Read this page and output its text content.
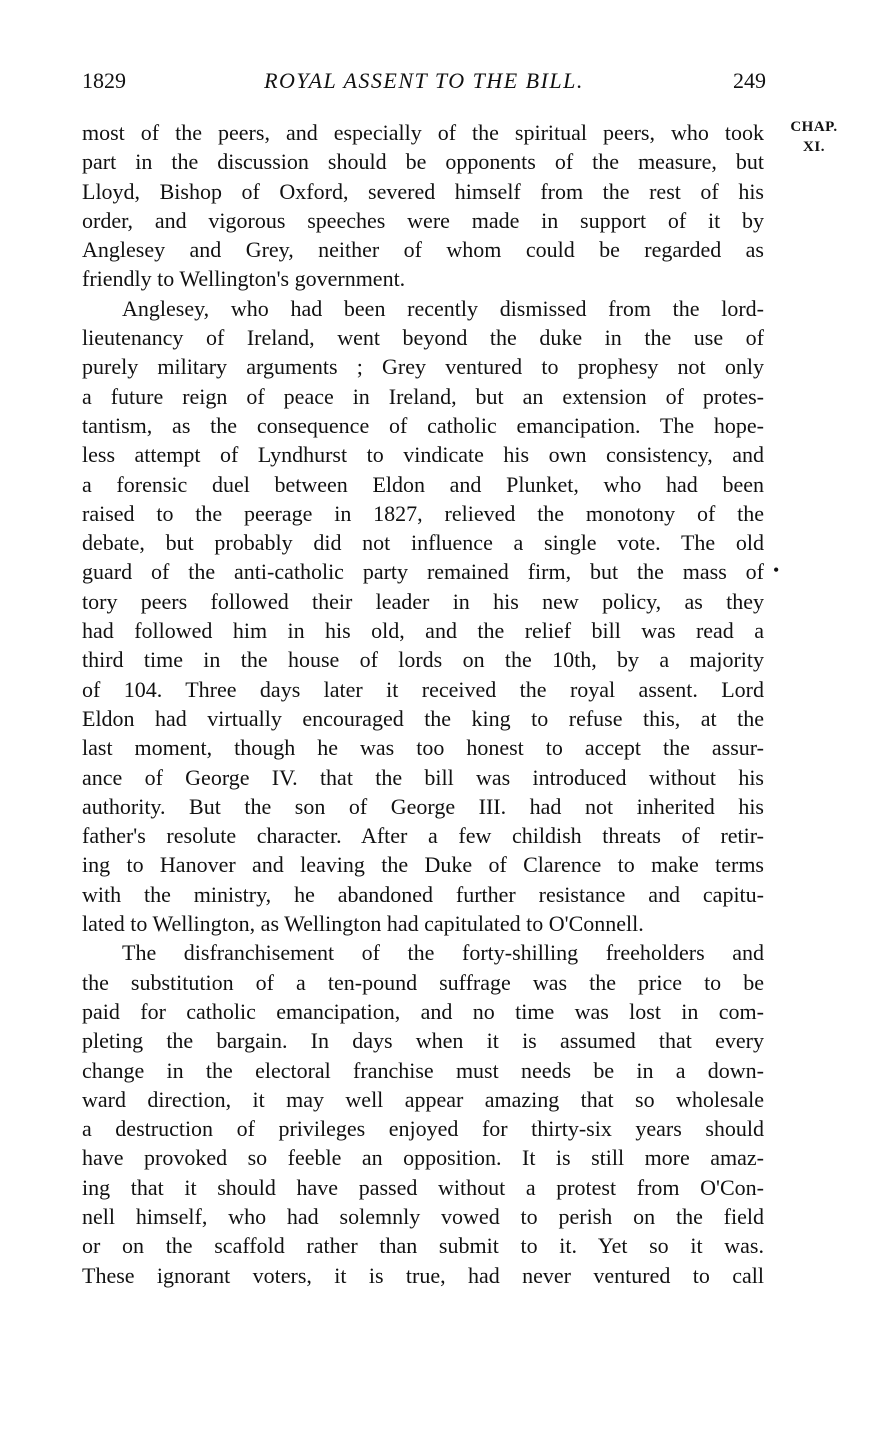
1829	ROYAL ASSENT TO THE BILL.	249
CHAP.
XI.
•
most of the peers, and especially of the spiritual peers, who took
part in the discussion should be opponents of the measure, but
Lloyd, Bishop of Oxford, severed himself from the rest of his
order, and vigorous speeches were made in support of it by
Anglesey and Grey, neither of whom could be regarded as
friendly to Wellington's government.
Anglesey, who had been recently dismissed from the lord-
lieutenancy of Ireland, went beyond the duke in the use of
purely military arguments ; Grey ventured to prophesy not only
a future reign of peace in Ireland, but an extension of protes-
tantism, as the consequence of catholic emancipation. The hope-
less attempt of Lyndhurst to vindicate his own consistency, and
a forensic duel between Eldon and Plunket, who had been
raised to the peerage in 1827, relieved the monotony of the
debate, but probably did not influence a single vote. The old
guard of the anti-catholic party remained firm, but the mass of
tory peers followed their leader in his new policy, as they
had followed him in his old, and the relief bill was read a
third time in the house of lords on the 10th, by a majority
of 104. Three days later it received the royal assent. Lord
Eldon had virtually encouraged the king to refuse this, at the
last moment, though he was too honest to accept the assur-
ance of George IV. that the bill was introduced without his
authority. But the son of George III. had not inherited his
father's resolute character. After a few childish threats of retir-
ing to Hanover and leaving the Duke of Clarence to make terms
with the ministry, he abandoned further resistance and capitu-
lated to Wellington, as Wellington had capitulated to O'Connell.
The disfranchisement of the forty-shilling freeholders and
the substitution of a ten-pound suffrage was the price to be
paid for catholic emancipation, and no time was lost in com-
pleting the bargain. In days when it is assumed that every
change in the electoral franchise must needs be in a down-
ward direction, it may well appear amazing that so wholesale
a destruction of privileges enjoyed for thirty-six years should
have provoked so feeble an opposition. It is still more amaz-
ing that it should have passed without a protest from O'Con-
nell himself, who had solemnly vowed to perish on the field
or on the scaffold rather than submit to it. Yet so it was.
These ignorant voters, it is true, had never ventured to call
